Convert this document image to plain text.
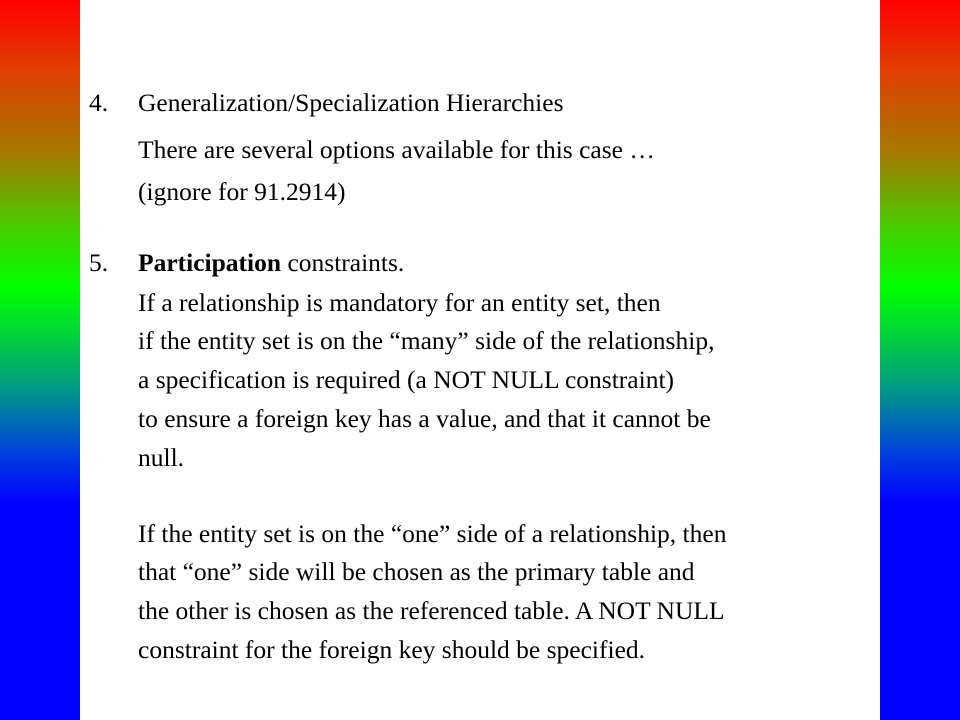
4. Generalization/Specialization Hierarchies
There are several options available for this case …
(ignore for 91.2914)
5. Participation constraints.
If a relationship is mandatory for an entity set, then
if the entity set is on the “many” side of the relationship,
a specification is required (a NOT NULL constraint)
to ensure a foreign key has a value, and that it cannot be
null.
If the entity set is on the “one” side of a relationship, then
that “one” side will be chosen as the primary table and
the other is chosen as the referenced table. A NOT NULL
constraint for the foreign key should be specified.
